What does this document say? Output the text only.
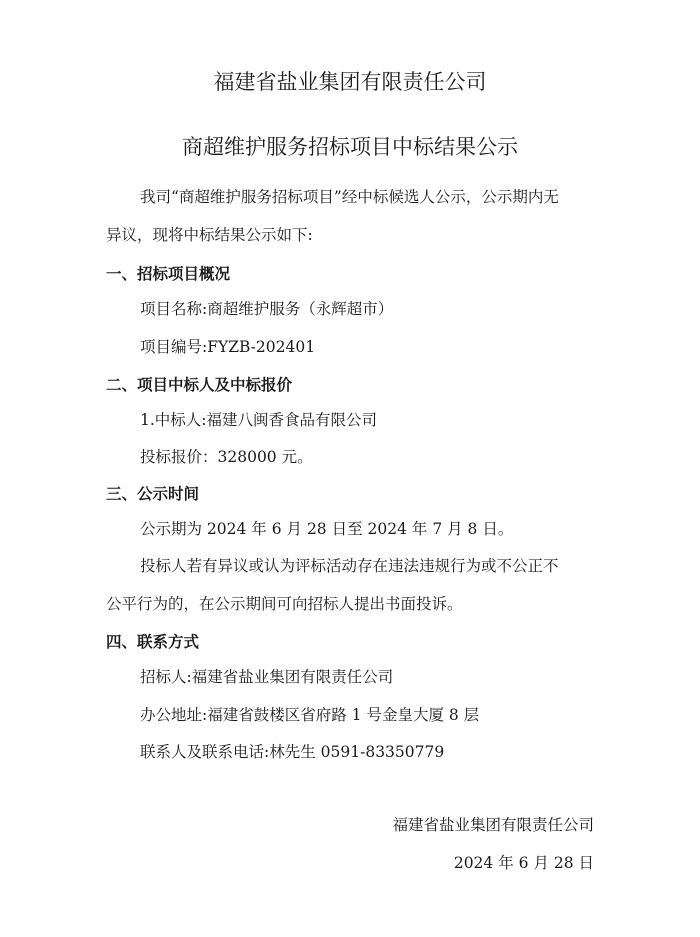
福建省盐业集团有限责任公司

商超维护服务招标项目中标结果公示

我司“商超维护服务招标项目”经中标候选人公示，公示期内无
异议，现将中标结果公示如下:

一、招标项目概况

项目名称:商超维护服务（永辉超市）

项目编号:FYZB-202401

二、项目中标人及中标报价

1.中标人:福建八闽香食品有限公司

投标报价：328000 元。

三、公示时间

公示期为 2024 年 6 月 28 日至 2024 年 7 月 8 日。

投标人若有异议或认为评标活动存在违法违规行为或不公正不
公平行为的，在公示期间可向招标人提出书面投诉。

四、联系方式

招标人:福建省盐业集团有限责任公司

办公地址:福建省鼓楼区省府路 1 号金皇大厦 8 层

联系人及联系电话:林先生 0591-83350779

福建省盐业集团有限责任公司

2024 年 6 月 28 日
